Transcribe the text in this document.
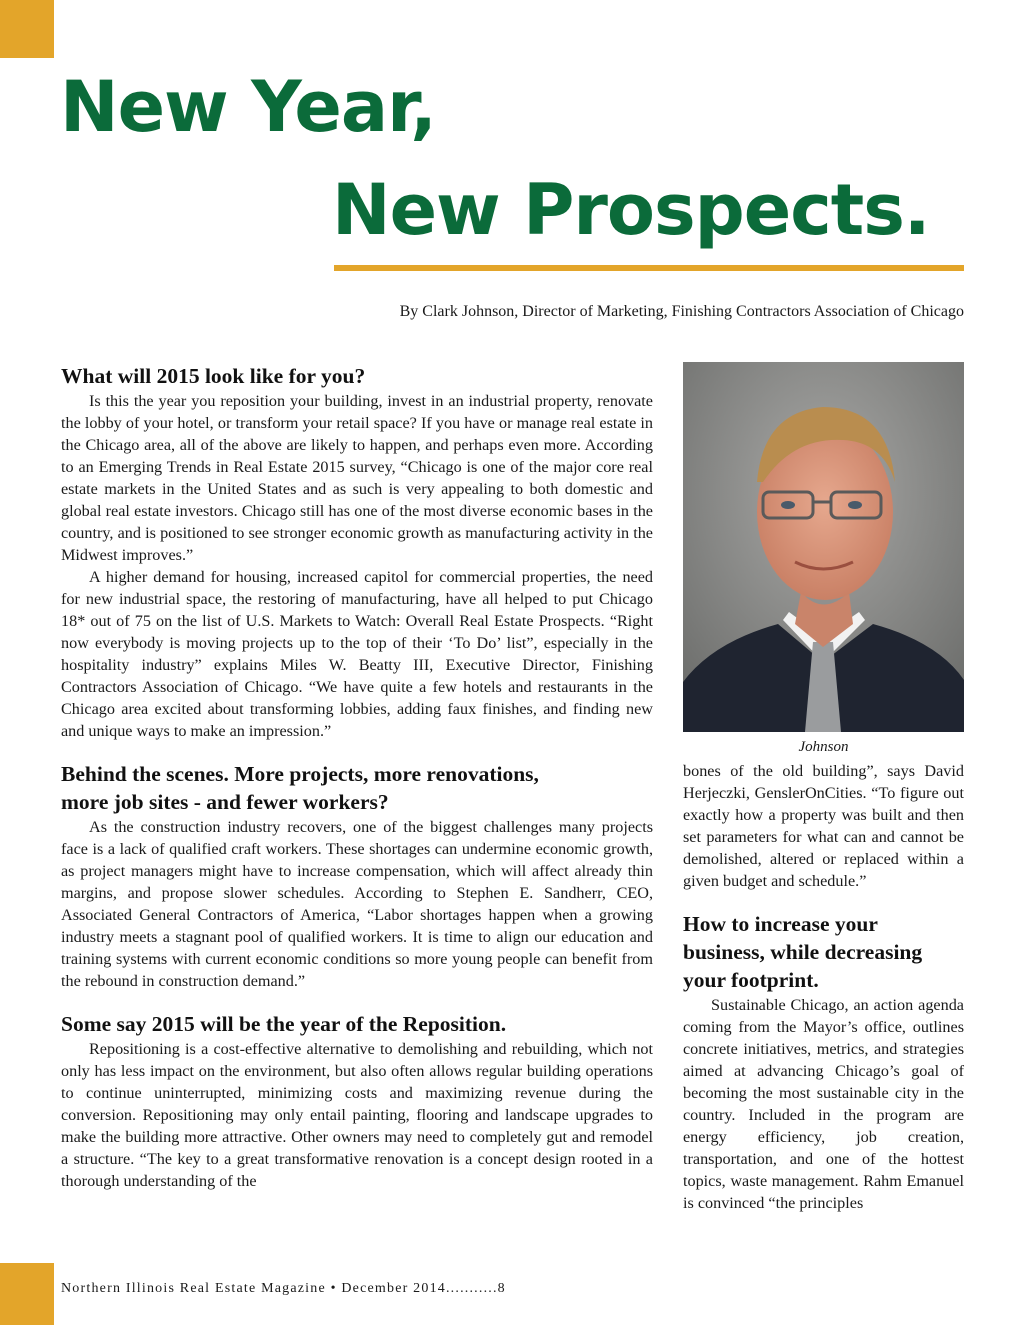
New Year,
New Prospects.
By Clark Johnson, Director of Marketing, Finishing Contractors Association of Chicago
What will 2015 look like for you?

Is this the year you reposition your building, invest in an industrial property, renovate the lobby of your hotel, or transform your retail space? If you have or manage real estate in the Chicago area, all of the above are likely to happen, and perhaps even more. According to an Emerging Trends in Real Estate 2015 survey, “Chicago is one of the major core real estate markets in the United States and as such is very appealing to both domestic and global real estate investors. Chicago still has one of the most diverse economic bases in the country, and is positioned to see stronger economic growth as manufacturing activity in the Midwest improves.”

A higher demand for housing, increased capitol for commercial properties, the need for new industrial space, the restoring of manufacturing, have all helped to put Chicago 18* out of 75 on the list of U.S. Markets to Watch: Overall Real Estate Prospects. “Right now everybody is moving projects up to the top of their ‘To Do’ list”, especially in the hospitality industry” explains Miles W. Beatty III, Executive Director, Finishing Contractors Association of Chicago. “We have quite a few hotels and restaurants in the Chicago area excited about transforming lobbies, adding faux finishes, and finding new and unique ways to make an impression.”

Behind the scenes. More projects, more renovations,
more job sites - and fewer workers?

As the construction industry recovers, one of the biggest challenges many projects face is a lack of qualified craft workers. These shortages can undermine economic growth, as project managers might have to increase compensation, which will affect already thin margins, and propose slower schedules. According to Stephen E. Sandherr, CEO, Associated General Contractors of America, “Labor shortages happen when a growing industry meets a stagnant pool of qualified workers. It is time to align our education and training systems with current economic conditions so more young people can benefit from the rebound in construction demand.”

Some say 2015 will be the year of the Reposition.

Repositioning is a cost-effective alternative to demolishing and rebuilding, which not only has less impact on the environment, but also often allows regular building operations to continue uninterrupted, minimizing costs and maximizing revenue during the conversion. Repositioning may only entail painting, flooring and landscape upgrades to make the building more attractive. Other owners may need to completely gut and remodel a structure. “The key to a great transformative renovation is a concept design rooted in a thorough understanding of the

Johnson

bones of the old building”, says David Herjeczki, GenslerOnCities. “To figure out exactly how a property was built and then set parameters for what can and cannot be demolished, altered or replaced within a given budget and schedule.”

How to increase your
business, while decreasing
your footprint.

Sustainable Chicago, an action agenda coming from the Mayor’s office, outlines concrete initiatives, metrics, and strategies aimed at advancing Chicago’s goal of becoming the most sustainable city in the country. Included in the program are energy efficiency, job creation, transportation, and one of the hottest topics, waste management. Rahm Emanuel is convinced “the principles

Northern Illinois Real Estate Magazine • December 2014...........8
